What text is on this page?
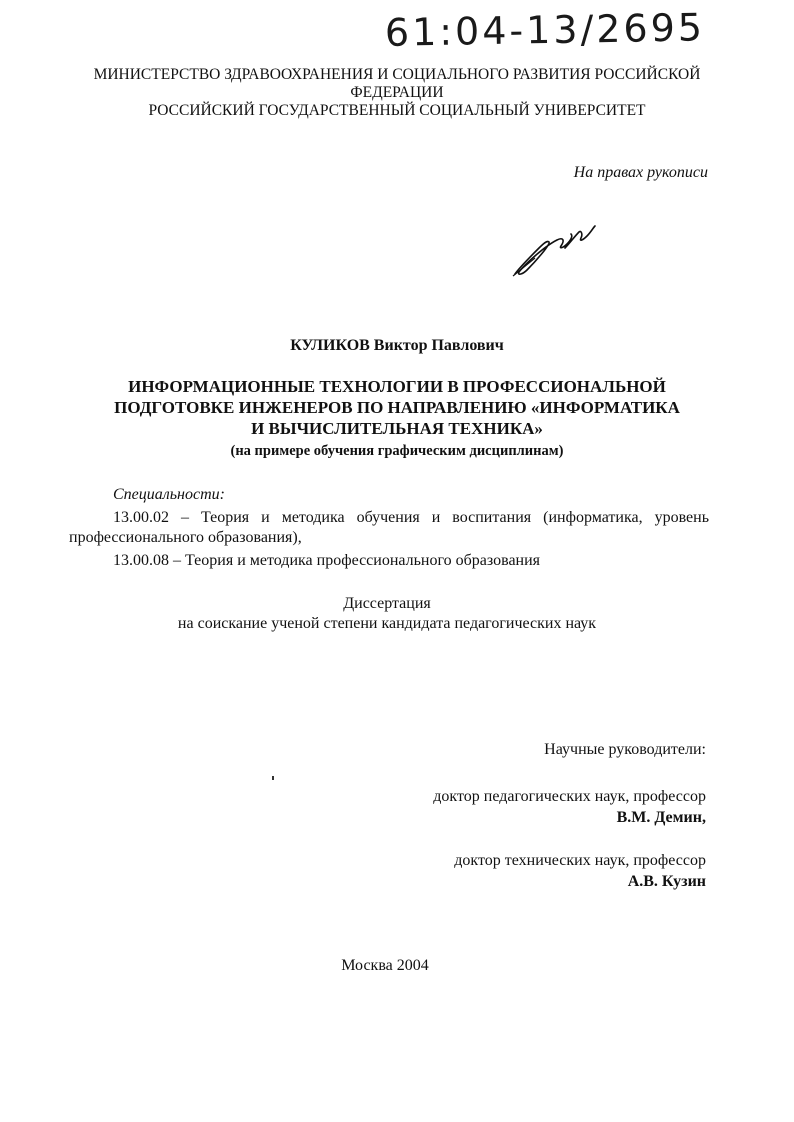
61:04-13/2695
МИНИСТЕРСТВО ЗДРАВООХРАНЕНИЯ И СОЦИАЛЬНОГО РАЗВИТИЯ РОССИЙСКОЙ
ФЕДЕРАЦИИ
РОССИЙСКИЙ ГОСУДАРСТВЕННЫЙ СОЦИАЛЬНЫЙ УНИВЕРСИТЕТ
На правах рукописи
КУЛИКОВ Виктор Павлович
ИНФОРМАЦИОННЫЕ ТЕХНОЛОГИИ В ПРОФЕССИОНАЛЬНОЙ
ПОДГОТОВКЕ ИНЖЕНЕРОВ ПО НАПРАВЛЕНИЮ «ИНФОРМАТИКА
И ВЫЧИСЛИТЕЛЬНАЯ ТЕХНИКА»
(на примере обучения графическим дисциплинам)
Специальности:
13.00.02 – Теория и методика обучения и воспитания (информатика, уровень профессионального образования),
13.00.08 – Теория и методика профессионального образования
Диссертация
на соискание ученой степени кандидата педагогических наук
Научные руководители:
доктор педагогических наук, профессор
В.М. Демин,
доктор технических наук, профессор
А.В. Кузин
Москва 2004
